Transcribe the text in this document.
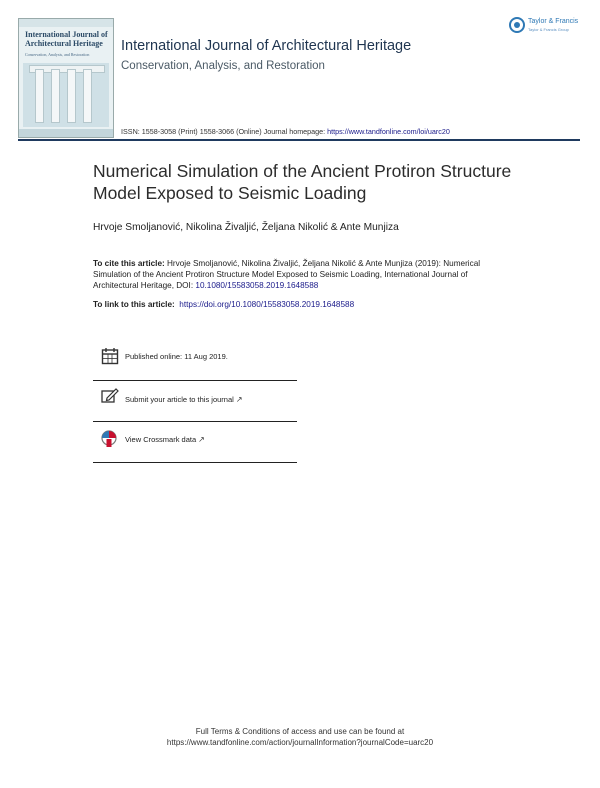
International Journal of Architectural Heritage
Conservation, Analysis, and Restoration
Taylor & Francis
Taylor & Francis Group
International Journal of Architectural Heritage
Conservation, Analysis, and Restoration
ISSN: 1558-3058 (Print) 1558-3066 (Online) Journal homepage: https://www.tandfonline.com/loi/uarc20
Numerical Simulation of the Ancient Protiron Structure Model Exposed to Seismic Loading
Hrvoje Smoljanović, Nikolina Živaljić, Željana Nikolić & Ante Munjiza
To cite this article: Hrvoje Smoljanović, Nikolina Živaljić, Željana Nikolić & Ante Munjiza (2019): Numerical Simulation of the Ancient Protiron Structure Model Exposed to Seismic Loading, International Journal of Architectural Heritage, DOI: 10.1080/15583058.2019.1648588
To link to this article: https://doi.org/10.1080/15583058.2019.1648588
Published online: 11 Aug 2019.
Submit your article to this journal ↗
View Crossmark data ↗
Full Terms & Conditions of access and use can be found at
https://www.tandfonline.com/action/journalInformation?journalCode=uarc20
